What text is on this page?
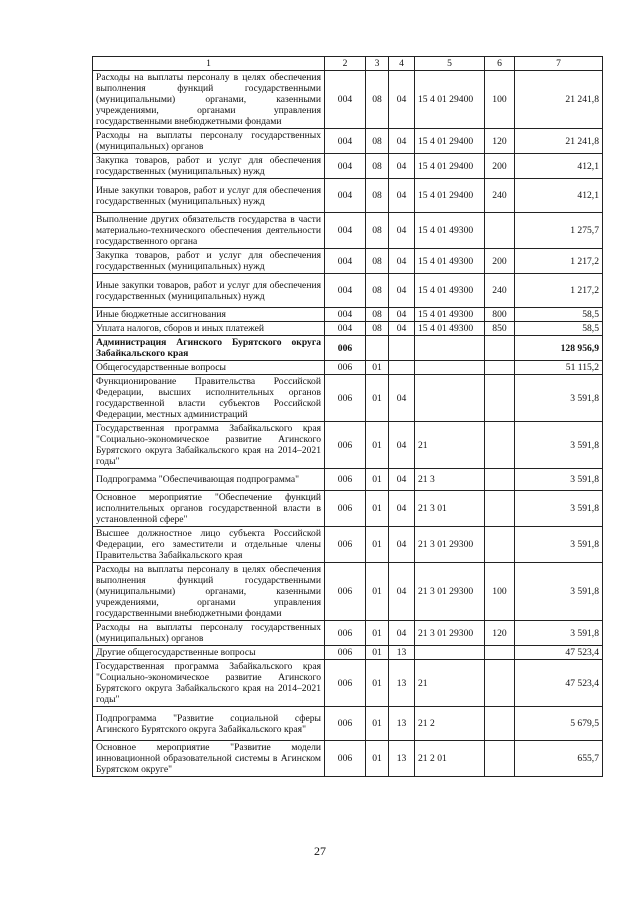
1	2	3	4	5	6	7
Расходы на выплаты персоналу в целях обеспечения выполнения функций государственными (муниципальными) органами, казенными учреждениями, органами управления государственными внебюджетными фондами	004	08	04	15 4 01 29400	100	21 241,8
Расходы на выплаты персоналу государственных (муниципальных) органов	004	08	04	15 4 01 29400	120	21 241,8
Закупка товаров, работ и услуг для обеспечения государственных (муниципальных) нужд	004	08	04	15 4 01 29400	200	412,1
Иные закупки товаров, работ и услуг для обеспечения государственных (муниципальных) нужд	004	08	04	15 4 01 29400	240	412,1
Выполнение других обязательств государства в части материально-технического обеспечения деятельности государственного органа	004	08	04	15 4 01 49300		1 275,7
Закупка товаров, работ и услуг для обеспечения государственных (муниципальных) нужд	004	08	04	15 4 01 49300	200	1 217,2
Иные закупки товаров, работ и услуг для обеспечения государственных (муниципальных) нужд	004	08	04	15 4 01 49300	240	1 217,2
Иные бюджетные ассигнования	004	08	04	15 4 01 49300	800	58,5
Уплата налогов, сборов и иных платежей	004	08	04	15 4 01 49300	850	58,5
Администрация Агинского Бурятского округа Забайкальского края	006					128 956,9
Общегосударственные вопросы	006	01				51 115,2
Функционирование Правительства Российской Федерации, высших исполнительных органов государственной власти субъектов Российской Федерации, местных администраций	006	01	04			3 591,8
Государственная программа Забайкальского края "Социально-экономическое развитие Агинского Бурятского округа Забайкальского края на 2014–2021 годы"	006	01	04	21		3 591,8
Подпрограмма "Обеспечивающая подпрограмма"	006	01	04	21 3		3 591,8
Основное мероприятие "Обеспечение функций исполнительных органов государственной власти в установленной сфере"	006	01	04	21 3 01		3 591,8
Высшее должностное лицо субъекта Российской Федерации, его заместители и отдельные члены Правительства Забайкальского края	006	01	04	21 3 01 29300		3 591,8
Расходы на выплаты персоналу в целях обеспечения выполнения функций государственными (муниципальными) органами, казенными учреждениями, органами управления государственными внебюджетными фондами	006	01	04	21 3 01 29300	100	3 591,8
Расходы на выплаты персоналу государственных (муниципальных) органов	006	01	04	21 3 01 29300	120	3 591,8
Другие общегосударственные вопросы	006	01	13			47 523,4
Государственная программа Забайкальского края "Социально-экономическое развитие Агинского Бурятского округа Забайкальского края на 2014–2021 годы"	006	01	13	21		47 523,4
Подпрограмма "Развитие социальной сферы Агинского Бурятского округа Забайкальского края"	006	01	13	21 2		5 679,5
Основное мероприятие "Развитие модели инновационной образовательной системы в Агинском Бурятском округе"	006	01	13	21 2 01		655,7
27
